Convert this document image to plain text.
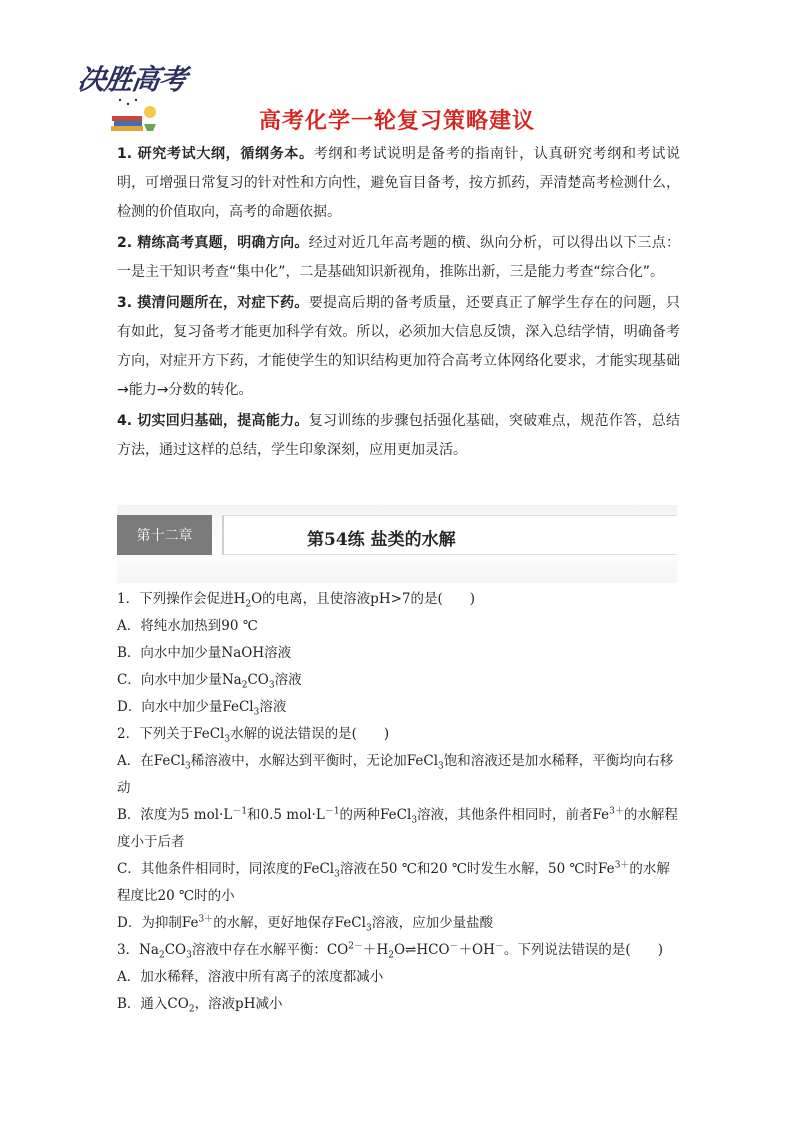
决胜高考
高考化学一轮复习策略建议

1. 研究考试大纲，循纲务本。考纲和考试说明是备考的指南针，认真研究考纲和考试说明，可增强日常复习的针对性和方向性，避免盲目备考，按方抓药，弄清楚高考检测什么，检测的价值取向，高考的命题依据。

2. 精练高考真题，明确方向。经过对近几年高考题的横、纵向分析，可以得出以下三点：一是主干知识考查“集中化”，二是基础知识新视角，推陈出新，三是能力考查“综合化”。

3. 摸清问题所在，对症下药。要提高后期的备考质量，还要真正了解学生存在的问题，只有如此，复习备考才能更加科学有效。所以，必须加大信息反馈，深入总结学情，明确备考方向，对症开方下药，才能使学生的知识结构更加符合高考立体网络化要求，才能实现基础→能力→分数的转化。

4. 切实回归基础，提高能力。复习训练的步骤包括强化基础，突破难点，规范作答，总结方法，通过这样的总结，学生印象深刻，应用更加灵活。

第十二章	第54练 盐类的水解
1．下列操作会促进$H_2O$的电离，且使溶液pH>7的是(　　)
A．将纯水加热到90 ℃
B．向水中加少量NaOH溶液
C．向水中加少量$Na_2CO_3$溶液
D．向水中加少量FeCl$_3$溶液
2．下列关于FeCl$_3$水解的说法错误的是(　　)
A．在FeCl$_3$稀溶液中，水解达到平衡时，无论加FeCl$_3$饱和溶液还是加水稀释，平衡均向右移动
B．浓度为5 $mol\cdot L^{-1}$和0.5 $mol\cdot L^{-1}$的两种FeCl$_3$溶液，其他条件相同时，前者$Fe^{3+}$的水解程度小于后者
C．其他条件相同时，同浓度的FeCl$_3$溶液在50 ℃和20 ℃时发生水解，50 ℃时$Fe^{3+}$的水解程度比20 ℃时的小
D．为抑制$Fe^{3+}$的水解，更好地保存FeCl$_3$溶液，应加少量盐酸
3．$Na_2CO_3$溶液中存在水解平衡：$CO^{2-}+H_2O\rightleftharpoons HCO^-+OH^-$。下列说法错误的是(　　)
A．加水稀释，溶液中所有离子的浓度都减小
B．通入$CO_2$，溶液pH减小
